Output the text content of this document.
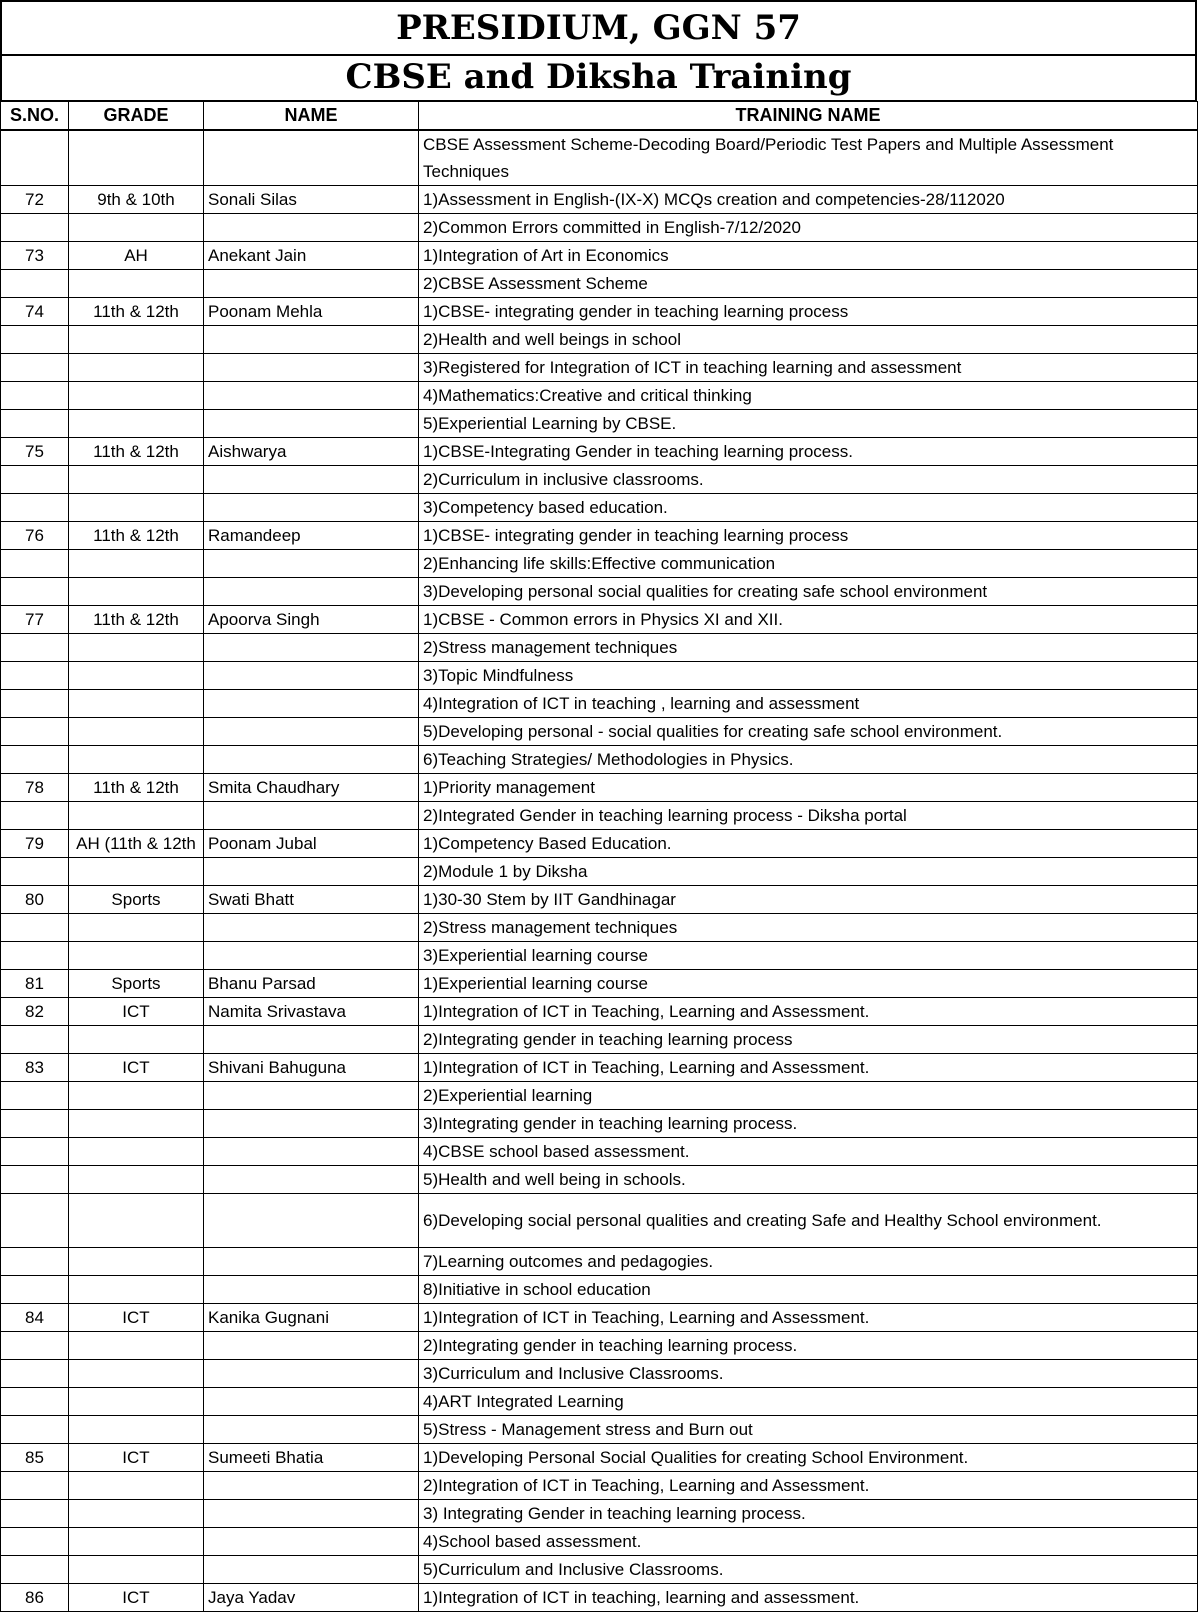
PRESIDIUM, GGN 57
CBSE and Diksha Training
S.NO.	GRADE	NAME	TRAINING NAME
			CBSE Assessment Scheme-Decoding Board/Periodic Test Papers and Multiple Assessment Techniques
72	9th & 10th	Sonali Silas	1)Assessment in English-(IX-X) MCQs creation and competencies-28/112020
			2)Common Errors committed in English-7/12/2020
73	AH	Anekant Jain	1)Integration of Art in Economics
			2)CBSE Assessment Scheme
74	11th & 12th	Poonam Mehla	1)CBSE- integrating gender in teaching learning process
			2)Health and well beings in school
			3)Registered for Integration of ICT in teaching learning and assessment
			4)Mathematics:Creative and critical thinking
			5)Experiential Learning by CBSE.
75	11th & 12th	Aishwarya	1)CBSE-Integrating Gender in teaching learning process.
			2)Curriculum in inclusive classrooms.
			3)Competency based education.
76	11th & 12th	Ramandeep	1)CBSE- integrating gender in teaching learning process
			2)Enhancing life skills:Effective communication
			3)Developing personal social qualities for creating safe school environment
77	11th & 12th	Apoorva Singh	1)CBSE - Common errors in Physics XI and XII.
			2)Stress management techniques
			3)Topic Mindfulness
			4)Integration of ICT in teaching , learning and assessment
			5)Developing personal - social qualities for creating safe school environment.
			6)Teaching Strategies/ Methodologies in Physics.
78	11th & 12th	Smita Chaudhary	1)Priority management
			2)Integrated Gender in teaching learning process - Diksha portal
79	AH (11th & 12th	Poonam Jubal	1)Competency Based Education.
			2)Module 1 by Diksha
80	Sports	Swati Bhatt	1)30-30 Stem by IIT Gandhinagar
			2)Stress management techniques
			3)Experiential learning course
81	Sports	Bhanu Parsad	1)Experiential learning course
82	ICT	Namita Srivastava	1)Integration of ICT in Teaching, Learning and Assessment.
			2)Integrating gender in teaching learning process
83	ICT	Shivani Bahuguna	1)Integration of ICT in Teaching, Learning and Assessment.
			2)Experiential learning
			3)Integrating gender in teaching learning process.
			4)CBSE school based assessment.
			5)Health and well being in schools.
			6)Developing social personal qualities and creating Safe and Healthy School environment.
			7)Learning outcomes and pedagogies.
			8)Initiative in school education
84	ICT	Kanika Gugnani	1)Integration of ICT in Teaching, Learning and Assessment.
			2)Integrating gender in teaching learning process.
			3)Curriculum and Inclusive Classrooms.
			4)ART Integrated Learning
			5)Stress - Management stress and Burn out
85	ICT	Sumeeti Bhatia	1)Developing Personal Social Qualities for creating School Environment.
			2)Integration of ICT in Teaching, Learning and Assessment.
			3) Integrating Gender in teaching learning process.
			4)School based assessment.
			5)Curriculum and Inclusive Classrooms.
86	ICT	Jaya Yadav	1)Integration of ICT in teaching, learning and assessment.
